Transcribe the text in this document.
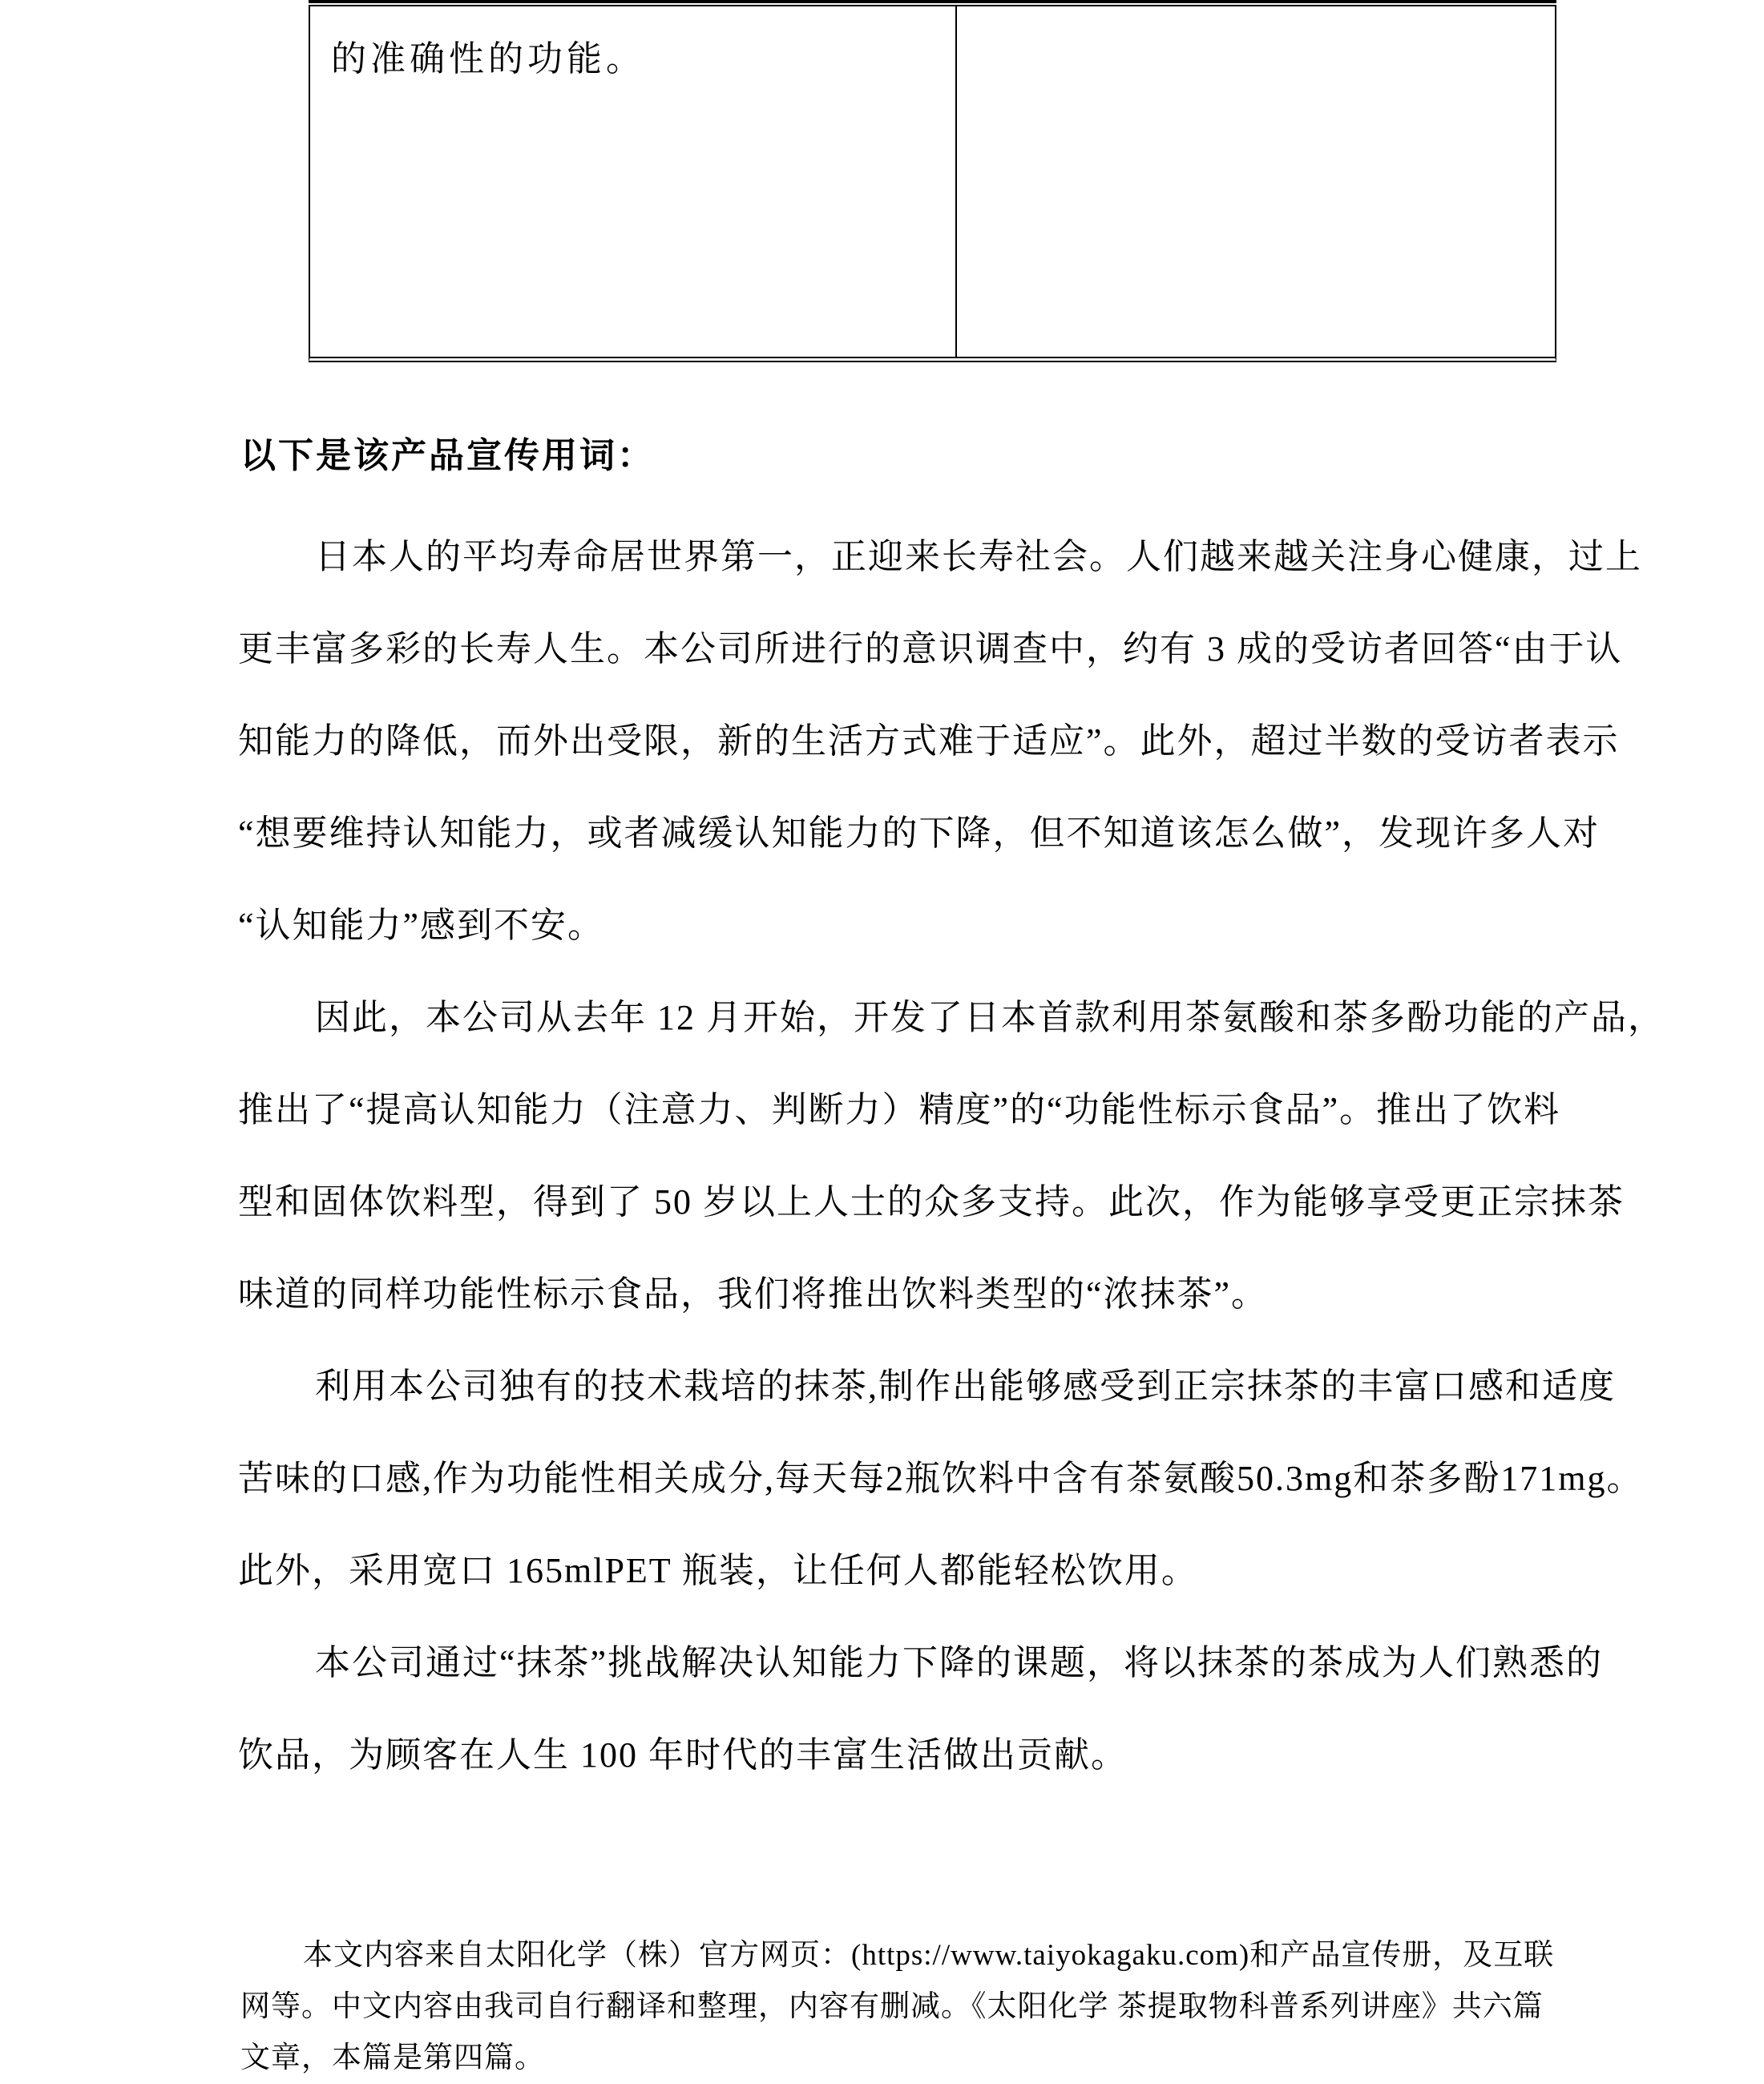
的准确性的功能。
以下是该产品宣传用词：
日本人的平均寿命居世界第一，正迎来长寿社会。人们越来越关注身心健康，过上
更丰富多彩的长寿人生。本公司所进行的意识调查中，约有 3 成的受访者回答“由于认
知能力的降低，而外出受限，新的生活方式难于适应”。此外，超过半数的受访者表示
“想要维持认知能力，或者减缓认知能力的下降，但不知道该怎么做”，发现许多人对
“认知能力”感到不安。
因此，本公司从去年 12 月开始，开发了日本首款利用茶氨酸和茶多酚功能的产品，
推出了“提高认知能力（注意力、判断力）精度”的“功能性标示食品”。推出了饮料
型和固体饮料型，得到了 50 岁以上人士的众多支持。此次，作为能够享受更正宗抹茶
味道的同样功能性标示食品，我们将推出饮料类型的“浓抹茶”。
利用本公司独有的技术栽培的抹茶,制作出能够感受到正宗抹茶的丰富口感和适度
苦味的口感,作为功能性相关成分,每天每2瓶饮料中含有茶氨酸50.3mg和茶多酚171mg。
此外，采用宽口 165mlPET 瓶装，让任何人都能轻松饮用。
本公司通过“抹茶”挑战解决认知能力下降的课题，将以抹茶的茶成为人们熟悉的
饮品，为顾客在人生 100 年时代的丰富生活做出贡献。
本文内容来自太阳化学（株）官方网页：(https://www.taiyokagaku.com)和产品宣传册，及互联
网等。中文内容由我司自行翻译和整理，内容有删减。《太阳化学 茶提取物科普系列讲座》共六篇
文章，本篇是第四篇。
